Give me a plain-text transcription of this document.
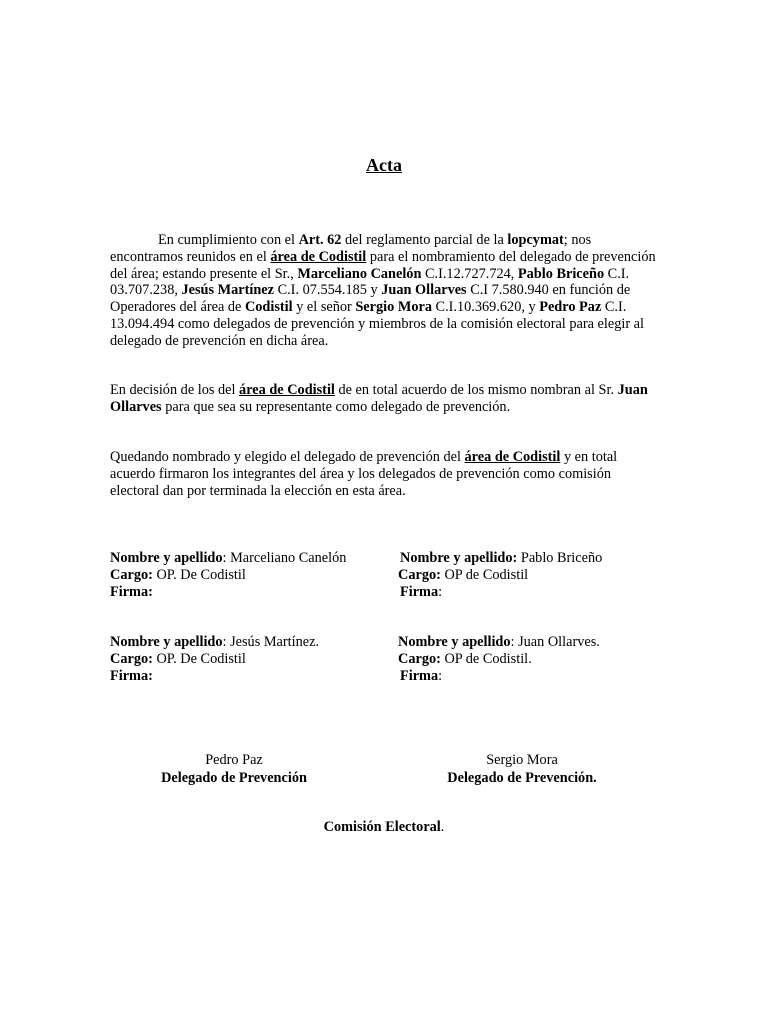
Acta
En cumplimiento con el Art. 62 del reglamento parcial de la lopcymat; nos encontramos reunidos en el área de Codistil para el nombramiento del delegado de prevención del área; estando presente el Sr., Marceliano Canelón C.I.12.727.724, Pablo Briceño C.I. 03.707.238, Jesús Martínez C.I. 07.554.185 y Juan Ollarves C.I 7.580.940 en función de Operadores del área de Codistil y el señor Sergio Mora C.I.10.369.620, y Pedro Paz C.I. 13.094.494 como delegados de prevención y miembros de la comisión electoral para elegir al delegado de prevención en dicha área.
En decisión de los del área de Codistil de en total acuerdo de los mismo nombran al Sr. Juan Ollarves para que sea su representante como delegado de prevención.
Quedando nombrado y elegido el delegado de prevención del área de Codistil y en total acuerdo firmaron los integrantes del área y los delegados de prevención como comisión electoral dan por terminada la elección en esta área.
Nombre y apellido: Marceliano Canelón
Cargo: OP. De Codistil
Firma:
Nombre y apellido: Pablo Briceño
Cargo: OP de Codistil
Firma:
Nombre y apellido: Jesús Martínez.
Cargo: OP. De Codistil
Firma:
Nombre y apellido: Juan Ollarves.
Cargo: OP de Codistil.
Firma:
Pedro Paz
Delegado de Prevención
Sergio Mora
Delegado de Prevención.
Comisión Electoral.
